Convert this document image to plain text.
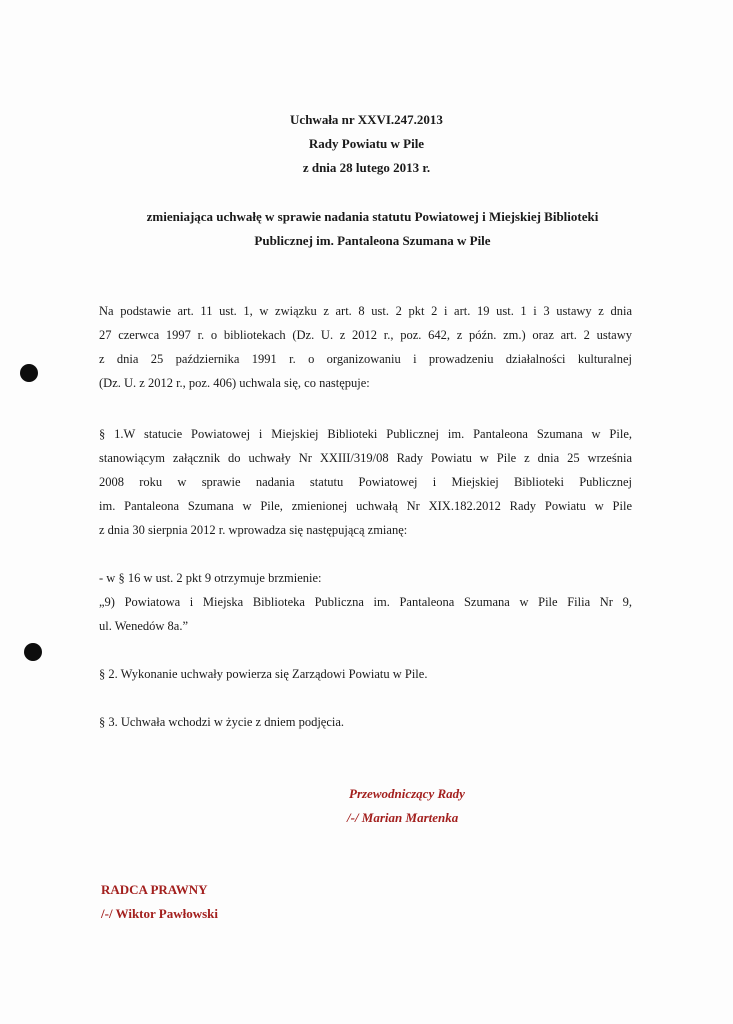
Uchwała nr XXVI.247.2013
Rady Powiatu w Pile
z dnia 28 lutego 2013 r.
zmieniająca uchwałę w sprawie nadania statutu Powiatowej i Miejskiej Biblioteki
Publicznej im. Pantaleona Szumana w Pile
Na podstawie art. 11 ust. 1, w związku z art. 8 ust. 2 pkt 2 i art. 19 ust. 1 i 3 ustawy z dnia
27 czerwca 1997 r. o bibliotekach (Dz. U. z 2012 r., poz. 642, z późn. zm.) oraz art. 2 ustawy
z dnia 25 października 1991 r. o organizowaniu i prowadzeniu działalności kulturalnej
(Dz. U. z 2012 r., poz. 406) uchwala się, co następuje:
§ 1.W statucie Powiatowej i Miejskiej Biblioteki Publicznej im. Pantaleona Szumana w Pile,
stanowiącym załącznik do uchwały Nr XXIII/319/08 Rady Powiatu w Pile z dnia 25 września
2008 roku w sprawie nadania statutu Powiatowej i Miejskiej Biblioteki Publicznej
im. Pantaleona Szumana w Pile, zmienionej uchwałą Nr XIX.182.2012 Rady Powiatu w Pile
z dnia 30 sierpnia 2012 r. wprowadza się następującą zmianę:
- w § 16 w ust. 2 pkt 9 otrzymuje brzmienie:
„9) Powiatowa i Miejska Biblioteka Publiczna im. Pantaleona Szumana w Pile Filia Nr 9,
ul. Wenedów 8a.”
§ 2. Wykonanie uchwały powierza się Zarządowi Powiatu w Pile.
§ 3. Uchwała wchodzi w życie z dniem podjęcia.
Przewodniczący Rady
/-/ Marian Martenka
RADCA PRAWNY
/-/ Wiktor Pawłowski
